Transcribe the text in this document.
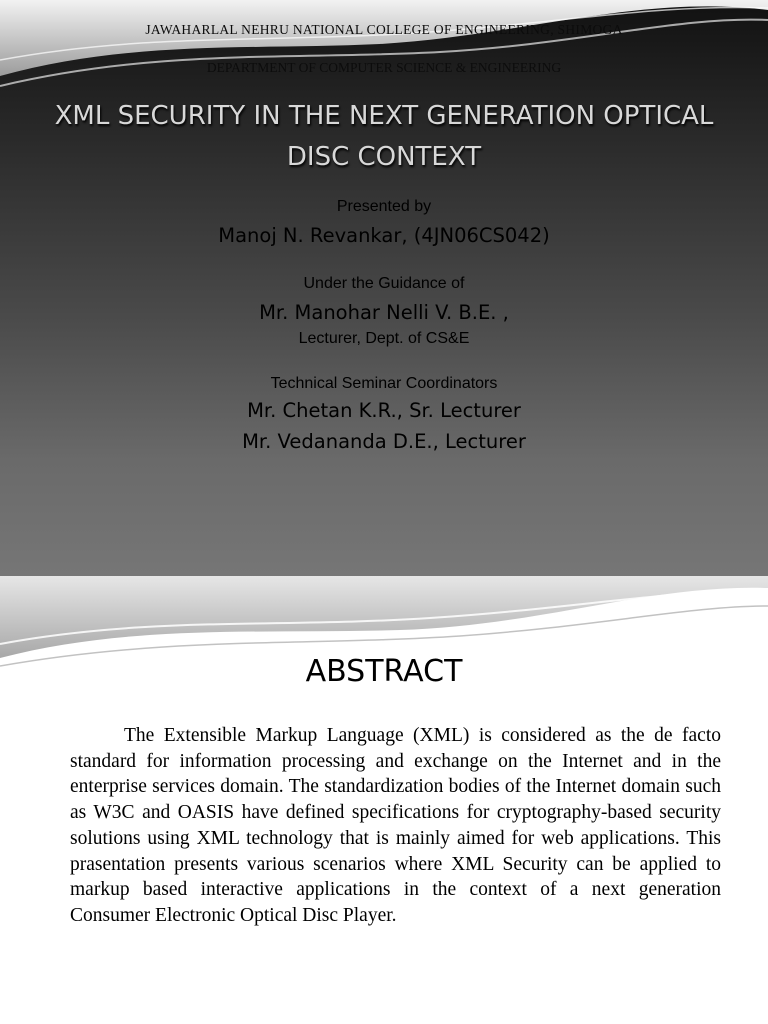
JAWAHARLAL NEHRU NATIONAL COLLEGE OF ENGINEERING, SHIMOGA
DEPARTMENT OF COMPUTER SCIENCE & ENGINEERING
XML SECURITY IN THE NEXT GENERATION OPTICAL DISC CONTEXT
Presented by
Manoj N. Revankar, (4JN06CS042)
Under the Guidance of
Mr. Manohar Nelli V. B.E. ,
Lecturer, Dept. of CS&E
Technical Seminar Coordinators
Mr. Chetan K.R., Sr. Lecturer
Mr. Vedananda D.E., Lecturer
ABSTRACT
The Extensible Markup Language (XML) is considered as the de facto standard for information processing and exchange on the Internet and in the enterprise services domain. The standardization bodies of the Internet domain such as W3C and OASIS have defined specifications for cryptography-based security solutions using XML technology that is mainly aimed for web applications. This prasentation presents various scenarios where XML Security can be applied to markup based interactive applications in the context of a next generation Consumer Electronic Optical Disc Player.
